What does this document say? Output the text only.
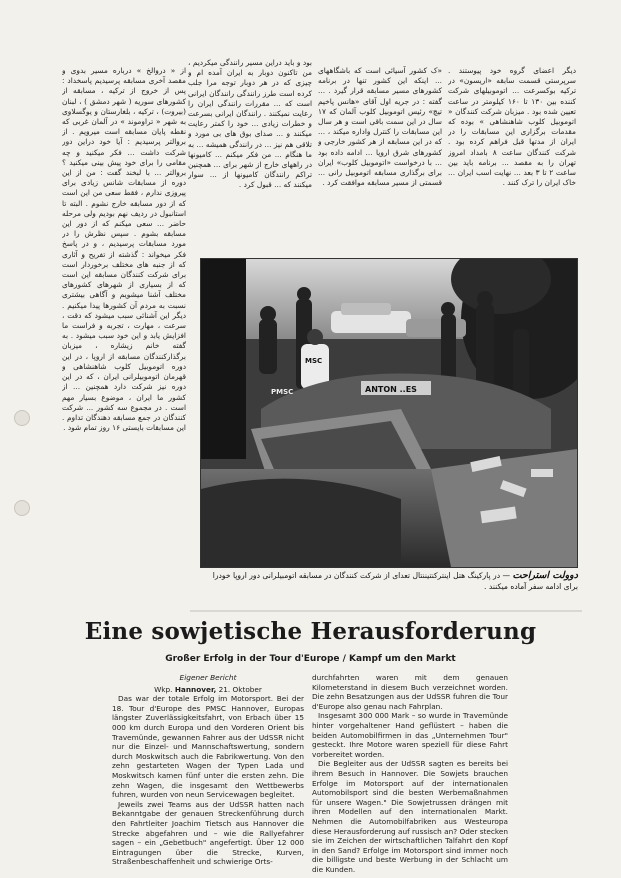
از « دروالخ » درباره مسیر بدوی و مقصد آخری مسابقه پرسیدیم پاسخداد : پس از خروج از ترکیه ، مسابقه از کشورهای سوریه ( شهر دمشق ) ، لبنان (بیروت) ، ترکیه ، بلغارستان و یوگسلاوی به شهر « تراوموند » در آلمان غربی که نقطه پایان مسابقه است میرویم . از بروالتر پرسیدیم : آیا خود دراین دور شرکت داشت ... فکر میکنید و چه مقامی را برای خود پیش بینی میکنید ؟ بروالتر ... با لبخند گفت : من از این دوره از مسابقات شانس زیادی برای پیروزی ندارم ، فقط سعی من این است که از دور مسابقه خارج نشوم . البته تا استانبول در ردیف نهم بودیم ولی مرحله حاضر ... سعی میکنم که از دور این مسابقه بشوم . سپس نظرش را در مورد مسابقات پرسیدیم ، و در پاسخ فکر میخواند : گذشته از تفریح و آثاری که از جنبه های مختلف برخوردار است برای شرکت کنندگان مسابقه این است که از بسیاری از شهرهای کشورهای مختلف آشنا میشویم و آگاهی بیشتری نسبت به مردم آن کشورها پیدا میکنیم . دیگر این آشنائی سبب میشود که دقت ، سرعت ، مهارت ، تجربه و فراست ما افزایش یابد و این خود سبب میشود . به گفته خانم زیشاره ، میزبان برگذارکنندگان مسابقه از اروپا ، در این دوره اتوموبیل کلوب شاهنشاهی و قهرمان اتوموبیلرانی ایران ، که در این دوره نیز شرکت دارد همچنین ... از کشور ما ایران ، موضوع بسیار مهم است . در مجموع سه کشور ... شرکت کنندگان در جمع مسابقه دهندگان تداوم . این مسابقات بایستی ۱۶ روز تمام شود .

بود و باید دراین مسیر رانندگی میکردیم ، من تاکنون دوبار به ایران آمده ام و چیزی که در هر دوبار توجه مرا جلب کرده است طرز رانندگی رانندگان ایرانی است که ... مقررات رانندگی ایران را رعایت نمیکنند . رانندگان ایرانی بسرعت و خطرات زیادی ... خود را کمتر رعایت میکنند و ... صدای بوق های بی مورد و تلاقی هم نیز ... در رانندگی همیشه ... به ما هنگام ... من فکر میکنم ... کامیونها در راههای خارج از شهر برای ... همچنین تراکم رانندگان کامیونها از ... سوار میکنند که ... قبول کرد .

«ک کشور آسیائی است که باشگاههای ... اینکه این کشور تنها در برنامه کشورهای مسیر مسابقه قرار گیرد . ... گفته : در جریه اول آقای «هانس پاخیم تیچ» رئیس اتوموبیل کلوب آلمان که ۱۷ سال در این سمت باقی است و هر سال این مسابقات را کنترل واداره میکند ، ... که در این مسابقه از هر کشور خارجی و کشورهای شرق اروپا ... ادامه داده بود ... با درخواست «اتوموبیل کلوب» ایران برای برگذاری مسابقه اتوموبیل رانی ... قسمتی از مسیر مسابقه موافقت کرد .

دیگر اعضای گروه خود پیوستند . سرپرستی قسمت سابقه «اریسون» در ترکیه بوکسرعت ... اتوموبیلهای شرکت کننده بین ۱۳۰ تا ۱۶۰ کیلومتر در ساعت تعیین شده بود . میزبان شرکت کنندگان « اتوموبیل کلوب شاهنشاهی » بوده که مقدمات برگزاری این مسابقات را در ایران از مدتها قبل فراهم کرده بود . شرکت کنندگان ساعت ۸ بامداد امروز تهران را به مقصد ... برنامه باید بین ساعت ۲ تا ۳ بعد ... نهایت اسب ایران ... خاک ایران را ترک کنند .

MSC
ANTON ..ES
PMSC
دوولت استراحت — در پارکینگ هتل اینترکنتیننتال تعدای از شرکت کنندگان در مسابقه اتومبیلرانی دور اروپا خودرا برای ادامه سفر آماده میکنند .
Eine sowjetische Herausforderung
Großer Erfolg in der Tour d'Europe / Kampf um den Markt
Eigener Bericht
Wkp. Hannover, 21. Oktober

Das war der totale Erfolg im Motorsport. Bei der 18. Tour d'Europe des PMSC Hannover, Europas längster Zuverlässigkeitsfahrt, von Erbach über 15 000 km durch Europa und den Vorderen Orient bis Travemünde, gewannen Fahrer aus der UdSSR nicht nur die Einzel- und Mannschaftswertung, sondern durch Moskwitsch auch die Fabrikwertung. Von den zehn gestarteten Wagen der Typen Lada und Moskwitsch kamen fünf unter die ersten zehn. Die zehn Wagen, die insgesamt den Wettbewerbs fuhren, wurden von neun Servicewagen begleitet.

Jeweils zwei Teams aus der UdSSR hatten nach Bekanntgabe der genauen Streckenführung durch den Fahrtleiter Joachim Tietsch aus Hannover die Strecke abgefahren und – wie die Rallyefahrer sagen – ein „Gebetbuch" angefertigt. Über 12 000 Eintragungen über die Strecke, Kurven, Straßenbeschaffenheit und schwierige Orts-

durchfahrten waren mit dem genauen Kilometerstand in diesem Buch verzeichnet worden. Die zehn Besatzungen aus der UdSSR fuhren die Tour d'Europe also genau nach Fahrplan.

Insgesamt 300 000 Mark – so wurde in Travemünde hinter vorgehaltener Hand geflüstert – haben die beiden Automobilfirmen in das „Unternehmen Tour" gesteckt. Ihre Motore waren speziell für diese Fahrt vorbereitet worden.

Die Begleiter aus der UdSSR sagten es bereits bei ihrem Besuch in Hannover. Die Sowjets brauchen Erfolge im Motorsport auf der internationalen Automobilsport sind die besten Werbemaßnahmen für unsere Wagen." Die Sowjetrussen drängen mit ihren Modellen auf den internationalen Markt. Nehmen die Automobilfabriken aus Westeuropa diese Herausforderung auf russisch an? Oder stecken sie im Zeichen der wirtschaftlichen Talfahrt den Kopf in den Sand? Erfolge im Motorsport sind immer noch die billigste und beste Werbung in der Schlacht um die Kunden.
